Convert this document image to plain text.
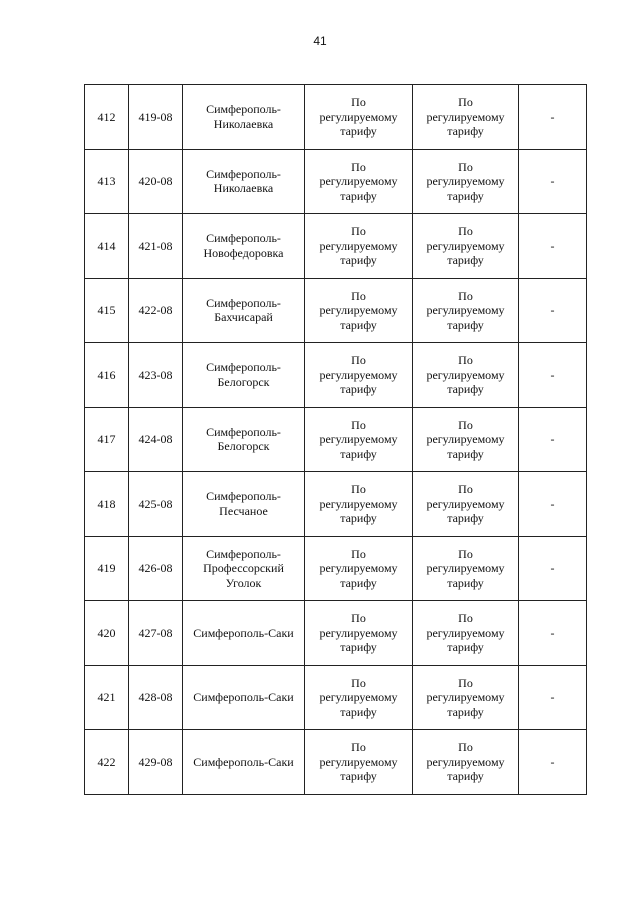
41
412	419-08	Симферополь-
Николаевка	По
регулируемому
тарифу	По
регулируемому
тарифу	-

413	420-08	Симферополь-
Николаевка	По
регулируемому
тарифу	По
регулируемому
тарифу	-

414	421-08	Симферополь-
Новофедоровка	По
регулируемому
тарифу	По
регулируемому
тарифу	-

415	422-08	Симферополь-
Бахчисарай	По
регулируемому
тарифу	По
регулируемому
тарифу	-

416	423-08	Симферополь-
Белогорск	По
регулируемому
тарифу	По
регулируемому
тарифу	-

417	424-08	Симферополь-
Белогорск	По
регулируемому
тарифу	По
регулируемому
тарифу	-

418	425-08	Симферополь-
Песчаное	По
регулируемому
тарифу	По
регулируемому
тарифу	-

419	426-08	Симферополь-
Профессорский
Уголок	По
регулируемому
тарифу	По
регулируемому
тарифу	-

420	427-08	Симферополь-Саки	По
регулируемому
тарифу	По
регулируемому
тарифу	-

421	428-08	Симферополь-Саки	По
регулируемому
тарифу	По
регулируемому
тарифу	-

422	429-08	Симферополь-Саки	По
регулируемому
тарифу	По
регулируемому
тарифу	-
